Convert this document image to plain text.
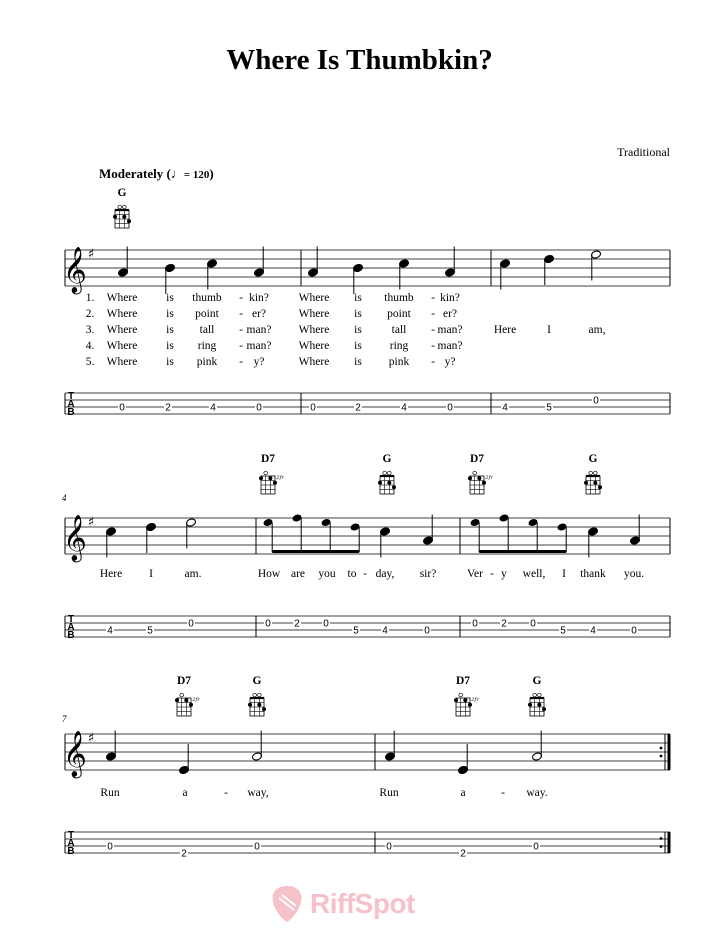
Where Is Thumbkin?
Traditional
Moderately (♩= 120)
G
𝄞 ♯
1. Where	is thumb - kin?	Where is thumb - kin?
2. Where	is point - er?	Where is point - er?
3. Where	is tall - man? Where is	tall - man?	Here	I	am,
4. Where	is ring - man? Where is ring - man?
5. Where	is pink - y?	Where is pink - y?
T
A
B	0	2	4	0	0	2	4	0	4	5
0
4
D7
2fr
G	D7
2fr
G
𝄞 ♯
Here I	am.	How are you to - day, sir?	Ver - y well, I thank you.
T
A
B	4	5
0	0 2 0
5 4	0
0 2 0
5 4	0
7
D7
2fr
G	D7
2fr
G
𝄞 ♯
Run	a	- way,	Run	a	- way.
T
A
B	0
2
0	0
2
0
RiffSpot
